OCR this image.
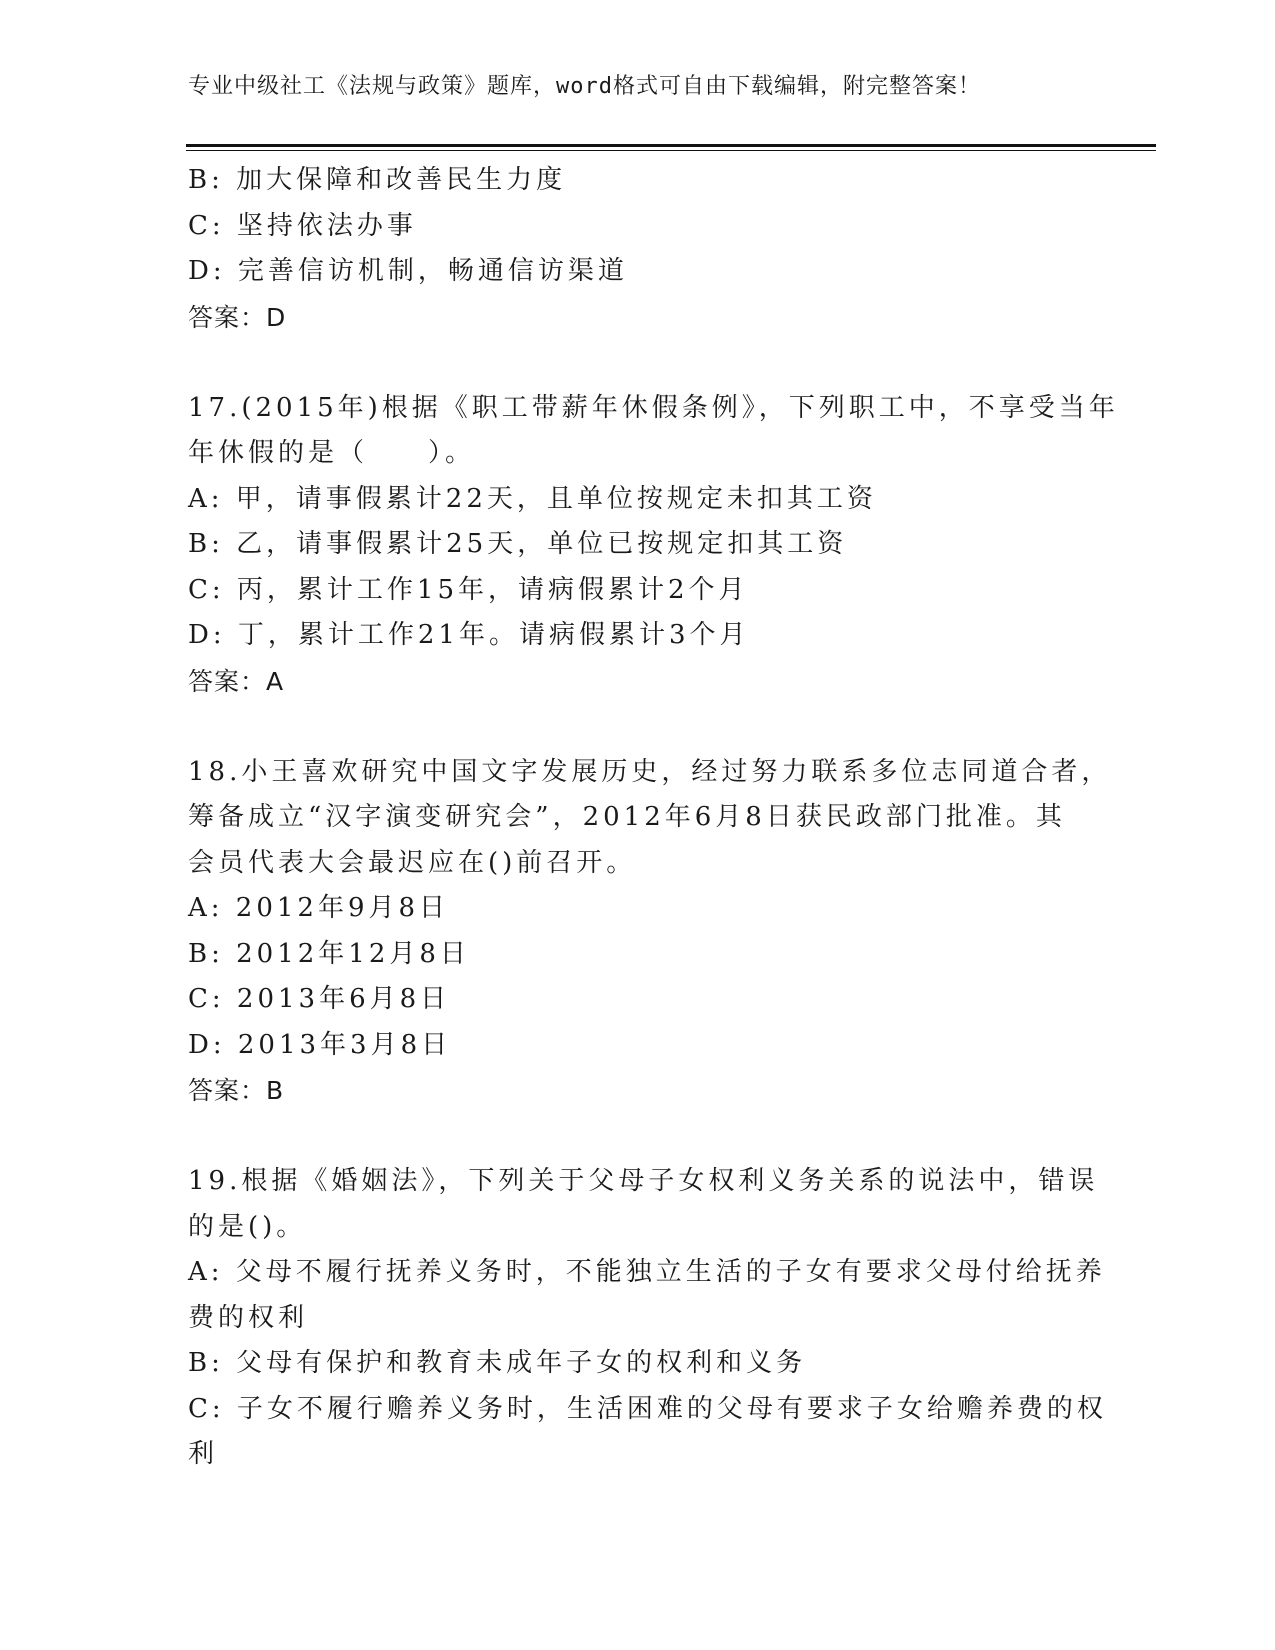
专业中级社工《法规与政策》题库，word格式可自由下载编辑，附完整答案！
B: 加大保障和改善民生力度
C: 坚持依法办事
D: 完善信访机制，畅通信访渠道
答案：D
17.(2015年)根据《职工带薪年休假条例》，下列职工中，不享受当年
年休假的是（　　）。
A: 甲，请事假累计22天，且单位按规定未扣其工资
B: 乙，请事假累计25天，单位已按规定扣其工资
C: 丙，累计工作15年，请病假累计2个月
D: 丁，累计工作21年。请病假累计3个月
答案：A
18.小王喜欢研究中国文字发展历史，经过努力联系多位志同道合者，
筹备成立“汉字演变研究会”，2012年6月8日获民政部门批准。其
会员代表大会最迟应在()前召开。
A: 2012年9月8日
B: 2012年12月8日
C: 2013年6月8日
D: 2013年3月8日
答案：B
19.根据《婚姻法》，下列关于父母子女权利义务关系的说法中，错误
的是()。
A: 父母不履行抚养义务时，不能独立生活的子女有要求父母付给抚养
费的权利
B: 父母有保护和教育未成年子女的权利和义务
C: 子女不履行赡养义务时，生活困难的父母有要求子女给赡养费的权
利
